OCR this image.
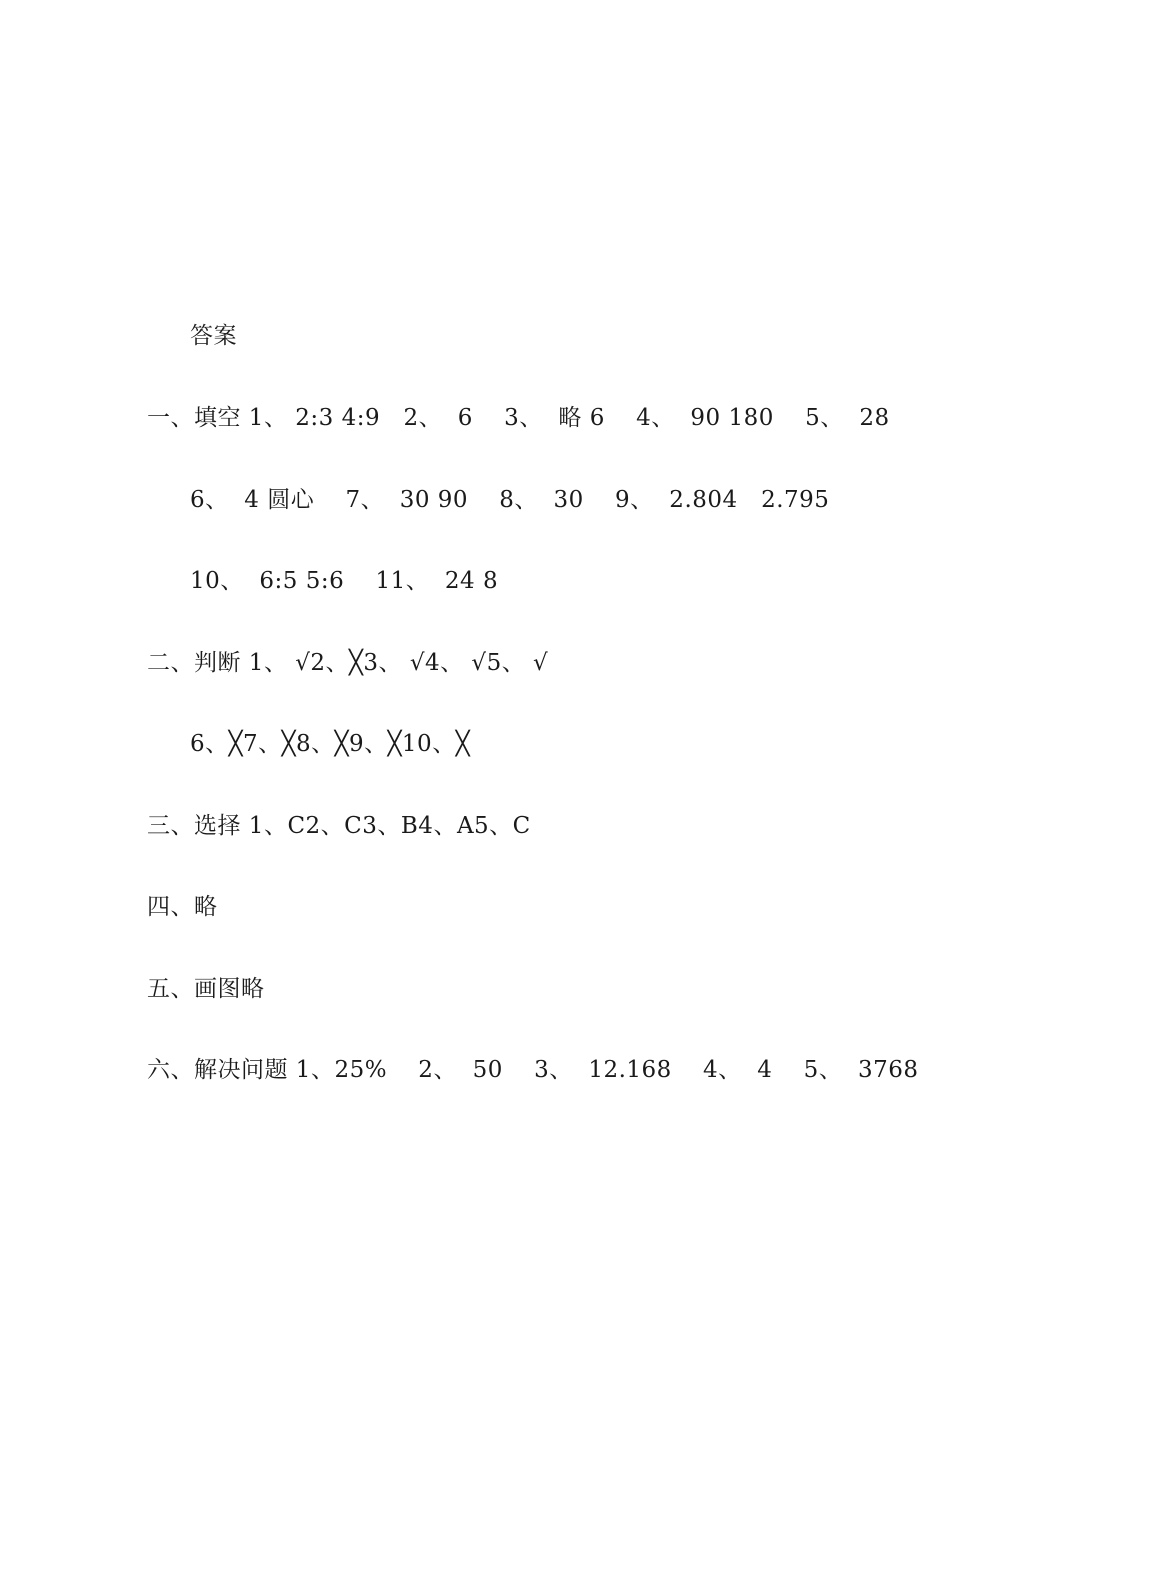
答案
一、填空 1、 2:3 4:9   2、  6    3、  略 6    4、  90 180    5、  28
6、  4 圆心    7、  30 90    8、  30    9、  2.804   2.795
10、  6:5 5:6    11、  24 8
二、判断 1、 √2、╳3、 √4、 √5、 √
6、╳7、╳8、╳9、╳10、╳
三、选择 1、C2、C3、B4、A5、C
四、略
五、画图略
六、解决问题 1、25%    2、  50    3、  12.168    4、  4    5、  3768
